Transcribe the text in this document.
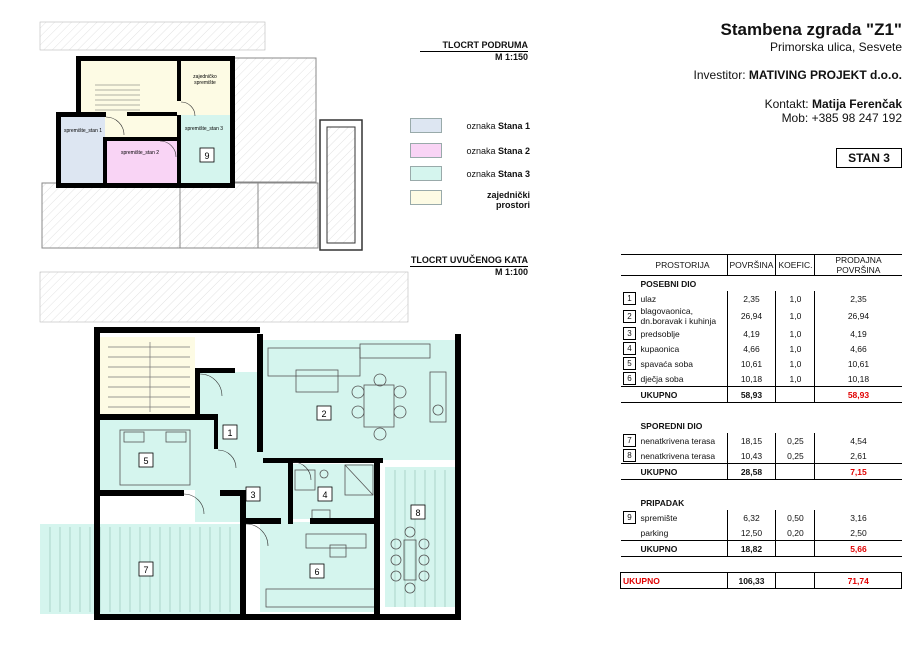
zajedničko spremište
spremište_stan 1
spremište_stan 2
spremište_stan 3
9
TLOCRT PODRUMA
M 1:150
TLOCRT UVUČENOG KATA
M 1:100
oznaka Stana 1
oznaka Stana 2
oznaka Stana 3
zajednički prostori
1
2
3	4
5
6
7
8
Stambena zgrada "Z1"
Primorska ulica, Sesvete
Investitor: MATIVING PROJEKT d.o.o.
Kontakt: Matija Ferenčak
Mob: +385 98 247 192
STAN 3
	PROSTORIJA	POVRŠINA	KOEFIC.	PRODAJNA POVRŠINA
	POSEBNI DIO			
1	ulaz	2,35	1,0	2,35
2	blagovaonica, dn.boravak i kuhinja	26,94	1,0	26,94
3	predsoblje	4,19	1,0	4,19
4	kupaonica	4,66	1,0	4,66
5	spavaća soba	10,61	1,0	10,61
6	dječja soba	10,18	1,0	10,18
	UKUPNO	58,93		58,93

	SPOREDNI DIO			
7	nenatkrivena terasa	18,15	0,25	4,54
8	nenatkrivena terasa	10,43	0,25	2,61
	UKUPNO	28,58		7,15

	PRIPADAK			
9	spremište	6,32	0,50	3,16
	parking	12,50	0,20	2,50
	UKUPNO	18,82		5,66

UKUPNO		106,33		71,74
